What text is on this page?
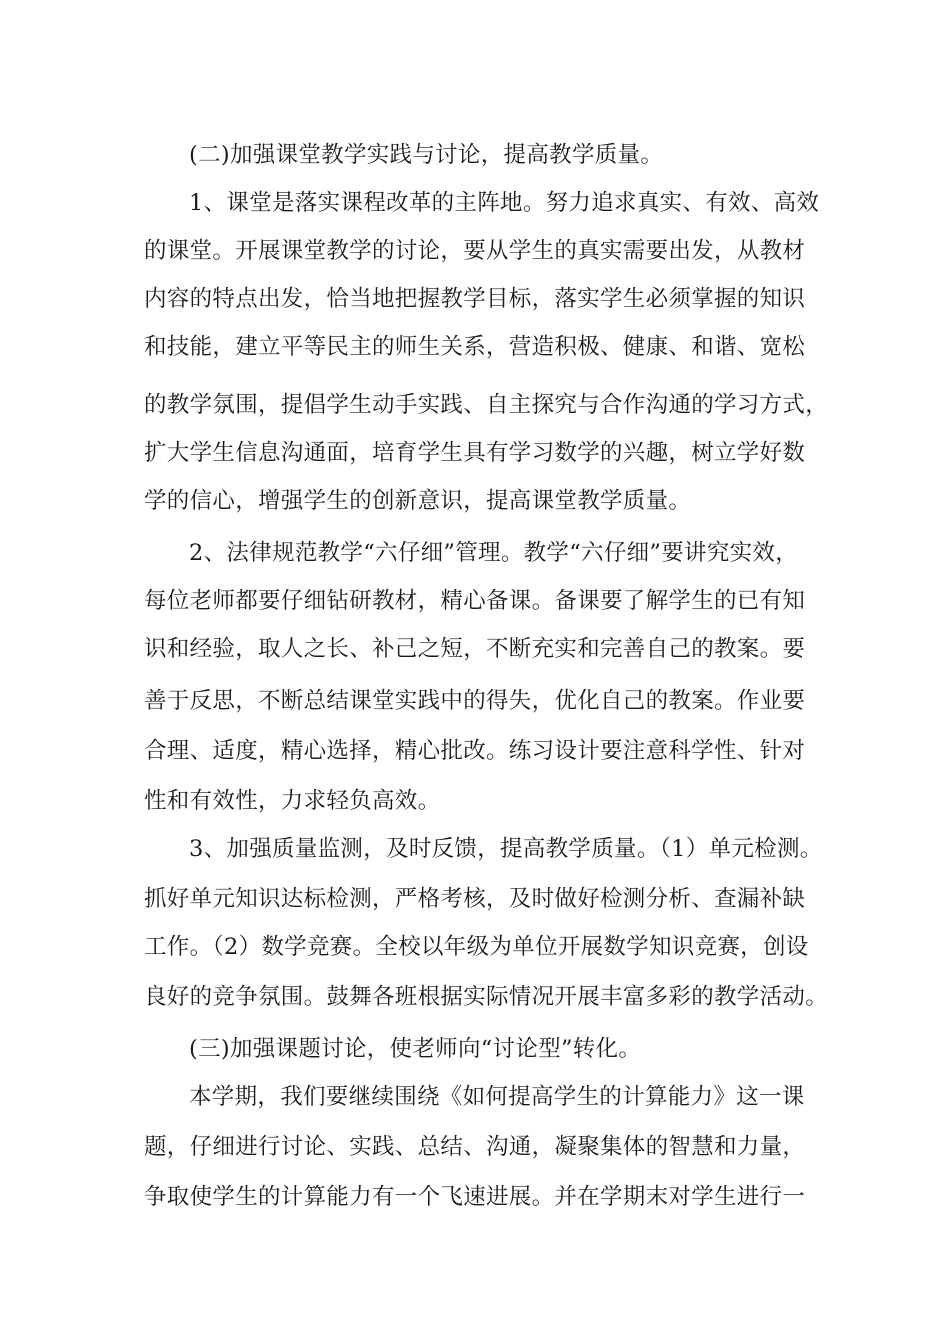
(二)加强课堂教学实践与讨论，提高教学质量。
1、课堂是落实课程改革的主阵地。努力追求真实、有效、高效
的课堂。开展课堂教学的讨论，要从学生的真实需要出发，从教材
内容的特点出发，恰当地把握教学目标，落实学生必须掌握的知识
和技能，建立平等民主的师生关系，营造积极、健康、和谐、宽松
的教学氛围，提倡学生动手实践、自主探究与合作沟通的学习方式，
扩大学生信息沟通面，培育学生具有学习数学的兴趣，树立学好数
学的信心，增强学生的创新意识，提高课堂教学质量。
2、法律规范教学“六仔细”管理。教学“六仔细”要讲究实效，
每位老师都要仔细钻研教材，精心备课。备课要了解学生的已有知
识和经验，取人之长、补己之短，不断充实和完善自己的教案。要
善于反思，不断总结课堂实践中的得失，优化自己的教案。作业要
合理、适度，精心选择，精心批改。练习设计要注意科学性、针对
性和有效性，力求轻负高效。
3、加强质量监测，及时反馈，提高教学质量。（1）单元检测。
抓好单元知识达标检测，严格考核，及时做好检测分析、查漏补缺
工作。（2）数学竞赛。全校以年级为单位开展数学知识竞赛，创设
良好的竞争氛围。鼓舞各班根据实际情况开展丰富多彩的教学活动。
(三)加强课题讨论，使老师向“讨论型”转化。
本学期，我们要继续围绕《如何提高学生的计算能力》这一课
题，仔细进行讨论、实践、总结、沟通，凝聚集体的智慧和力量，
争取使学生的计算能力有一个飞速进展。并在学期末对学生进行一
